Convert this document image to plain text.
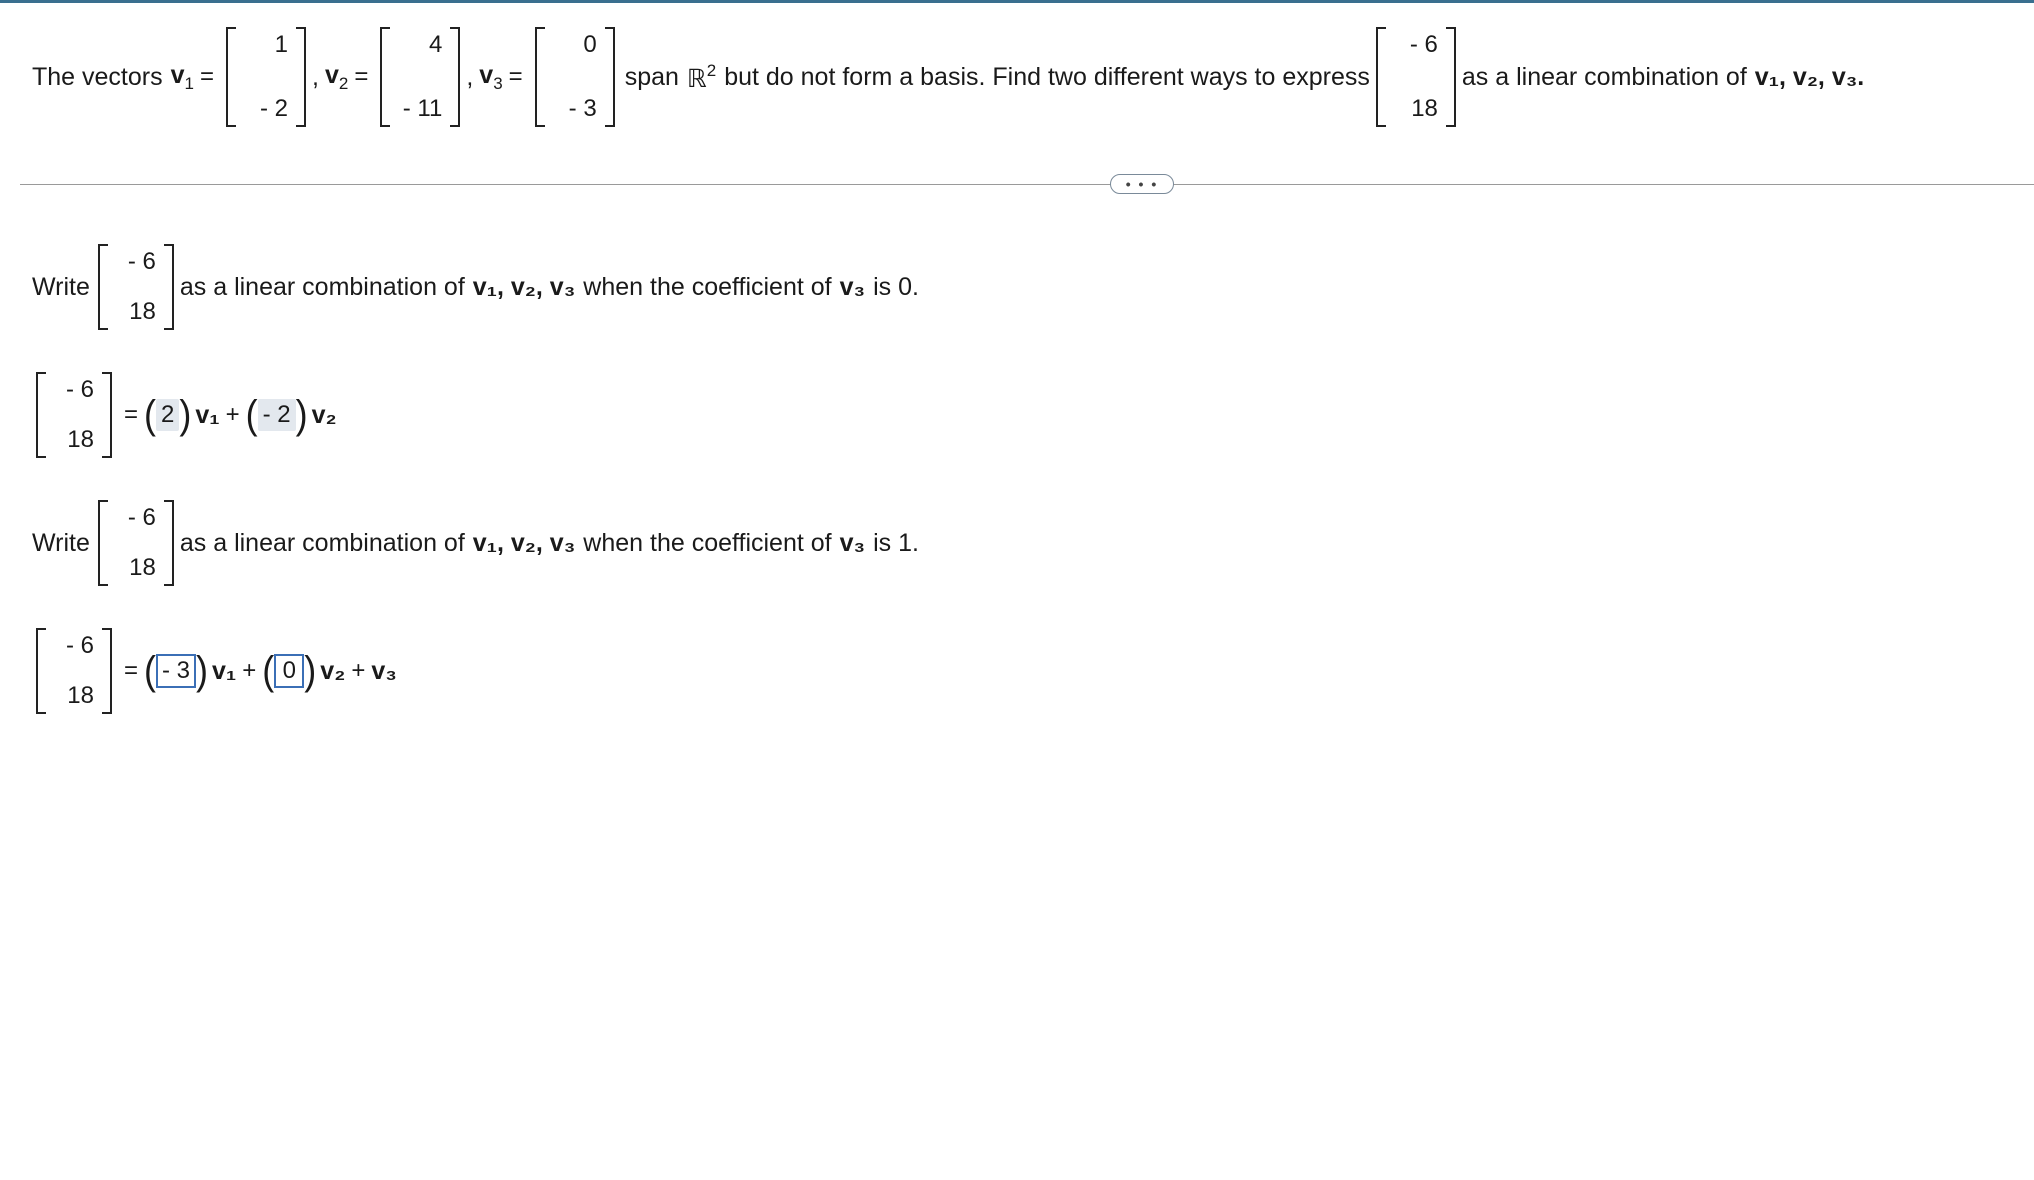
The vectors $v_1$ =
1
- 2
, $v_2$ =
4
- 11
, $v_3$ =
0
- 3
span ℝ$^2$ but do not form a basis. Find two different ways to express
- 6
18
as a linear combination of v₁, v₂, v₃.
• • •
Write
- 6
18
as a linear combination of v₁, v₂, v₃ when the coefficient of v₃ is 0.
- 6
18
= ( 2 ) v₁ + ( - 2 ) v₂
Write
- 6
18
as a linear combination of v₁, v₂, v₃ when the coefficient of v₃ is 1.
- 6
18
= ( - 3 ) v₁ + ( 0 ) v₂ + v₃
